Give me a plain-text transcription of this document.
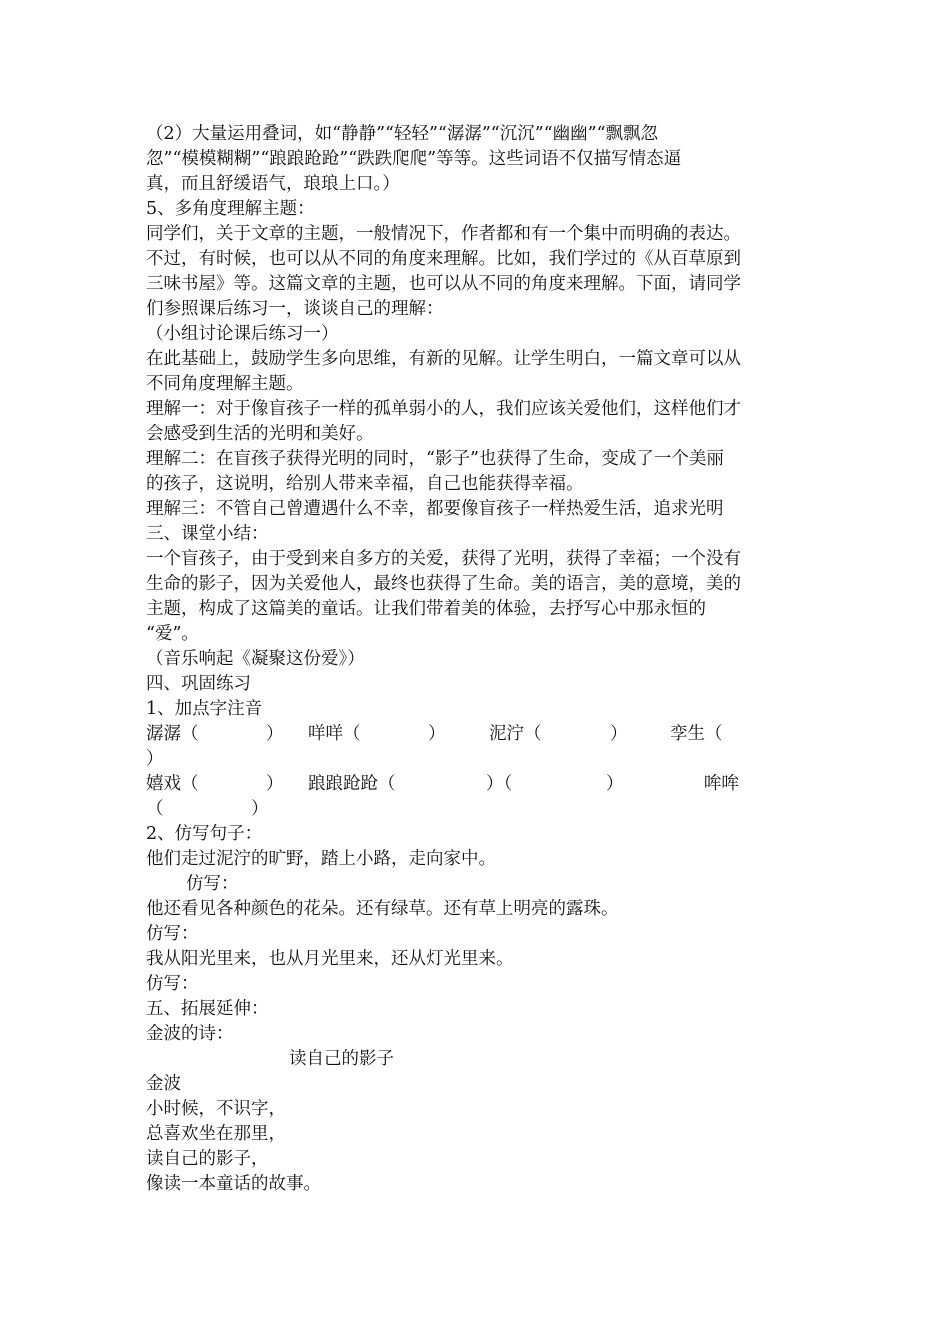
（2）大量运用叠词，如“静静”“轻轻”“潺潺”“沉沉”“幽幽”“飘飘忽
忽”“模模糊糊”“踉踉跄跄”“跌跌爬爬”等等。这些词语不仅描写情态逼
真，而且舒缓语气，琅琅上口。）
5、多角度理解主题：
同学们，关于文章的主题，一般情况下，作者都和有一个集中而明确的表达。
不过，有时候，也可以从不同的角度来理解。比如，我们学过的《从百草原到
三味书屋》等。这篇文章的主题，也可以从不同的角度来理解。下面，请同学
们参照课后练习一，谈谈自己的理解：
（小组讨论课后练习一）
在此基础上，鼓励学生多向思维，有新的见解。让学生明白，一篇文章可以从
不同角度理解主题。
理解一：对于像盲孩子一样的孤单弱小的人，我们应该关爱他们，这样他们才
会感受到生活的光明和美好。
理解二：在盲孩子获得光明的同时，“影子”也获得了生命，变成了一个美丽
的孩子，这说明，给别人带来幸福，自己也能获得幸福。
理解三：不管自己曾遭遇什么不幸，都要像盲孩子一样热爱生活，追求光明
三、课堂小结：
一个盲孩子，由于受到来自多方的关爱，获得了光明，获得了幸福；一个没有
生命的影子，因为关爱他人，最终也获得了生命。美的语言，美的意境，美的
主题，构成了这篇美的童话。让我们带着美的体验，去抒写心中那永恒的
“爱”。
（音乐响起《凝聚这份爱》）
四、巩固练习
1、加点字注音
潺潺（	） 咩咩（	） 泥泞（	） 孪生（
）
嬉戏（	） 踉踉跄跄（	）（	）	哞哞
（　　　　　）
2、仿写句子：
他们走过泥泞的旷野，踏上小路，走向家中。
仿写：
他还看见各种颜色的花朵。还有绿草。还有草上明亮的露珠。
仿写：
我从阳光里来，也从月光里来，还从灯光里来。
仿写：
五、拓展延伸：
金波的诗：
读自己的影子
金波
小时候，不识字，
总喜欢坐在那里，
读自己的影子，
像读一本童话的故事。
